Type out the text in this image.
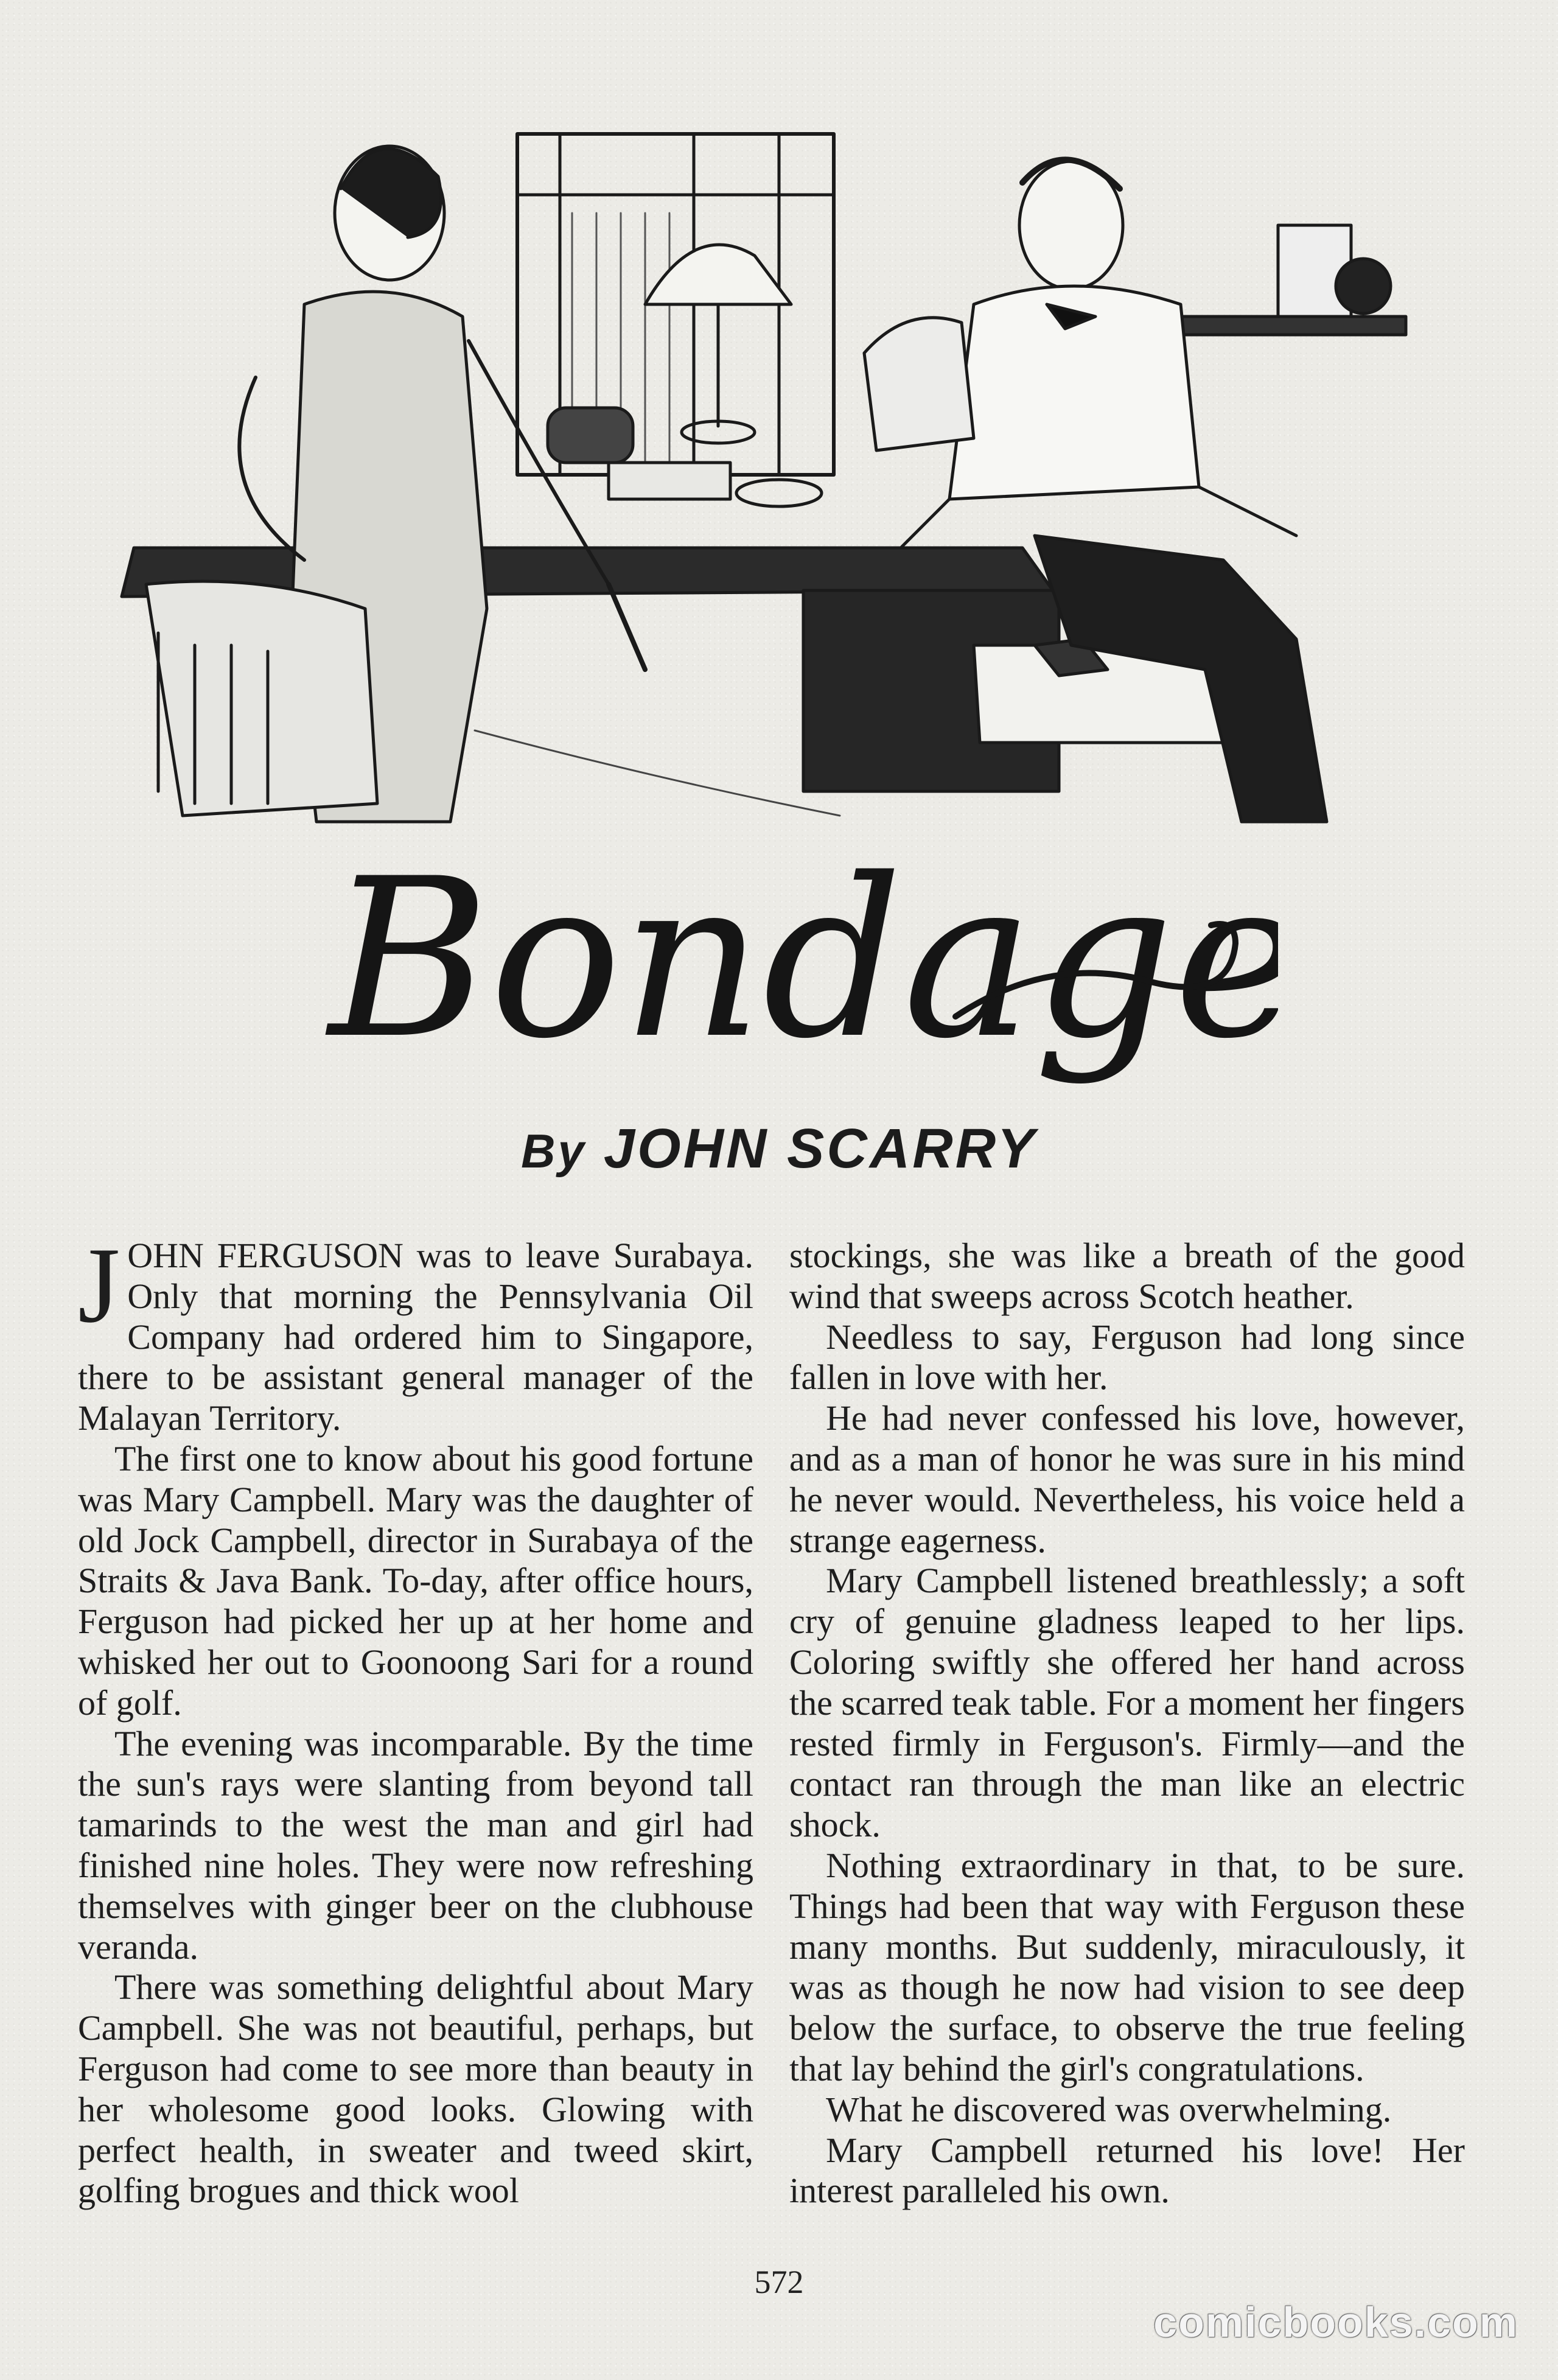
Bondage
By JOHN SCARRY

JOHN FERGUSON was to leave Surabaya. Only that morning the Pennsylvania Oil Company had ordered him to Singapore, there to be assistant general manager of the Malayan Territory.

The first one to know about his good fortune was Mary Campbell. Mary was the daughter of old Jock Campbell, director in Surabaya of the Straits & Java Bank. To-day, after office hours, Ferguson had picked her up at her home and whisked her out to Goonoong Sari for a round of golf.

The evening was incomparable. By the time the sun's rays were slanting from beyond tall tamarinds to the west the man and girl had finished nine holes. They were now refreshing themselves with ginger beer on the clubhouse veranda.

There was something delightful about Mary Campbell. She was not beautiful, perhaps, but Ferguson had come to see more than beauty in her wholesome good looks. Glowing with perfect health, in sweater and tweed skirt, golfing brogues and thick wool

stockings, she was like a breath of the good wind that sweeps across Scotch heather.

Needless to say, Ferguson had long since fallen in love with her.

He had never confessed his love, however, and as a man of honor he was sure in his mind he never would. Nevertheless, his voice held a strange eagerness.

Mary Campbell listened breathlessly; a soft cry of genuine gladness leaped to her lips. Coloring swiftly she offered her hand across the scarred teak table. For a moment her fingers rested firmly in Ferguson's. Firmly—and the contact ran through the man like an electric shock.

Nothing extraordinary in that, to be sure. Things had been that way with Ferguson these many months. But suddenly, miraculously, it was as though he now had vision to see deep below the surface, to observe the true feeling that lay behind the girl's congratulations.

What he discovered was overwhelming.

Mary Campbell returned his love! Her interest paralleled his own.

572
comicbooks.com
